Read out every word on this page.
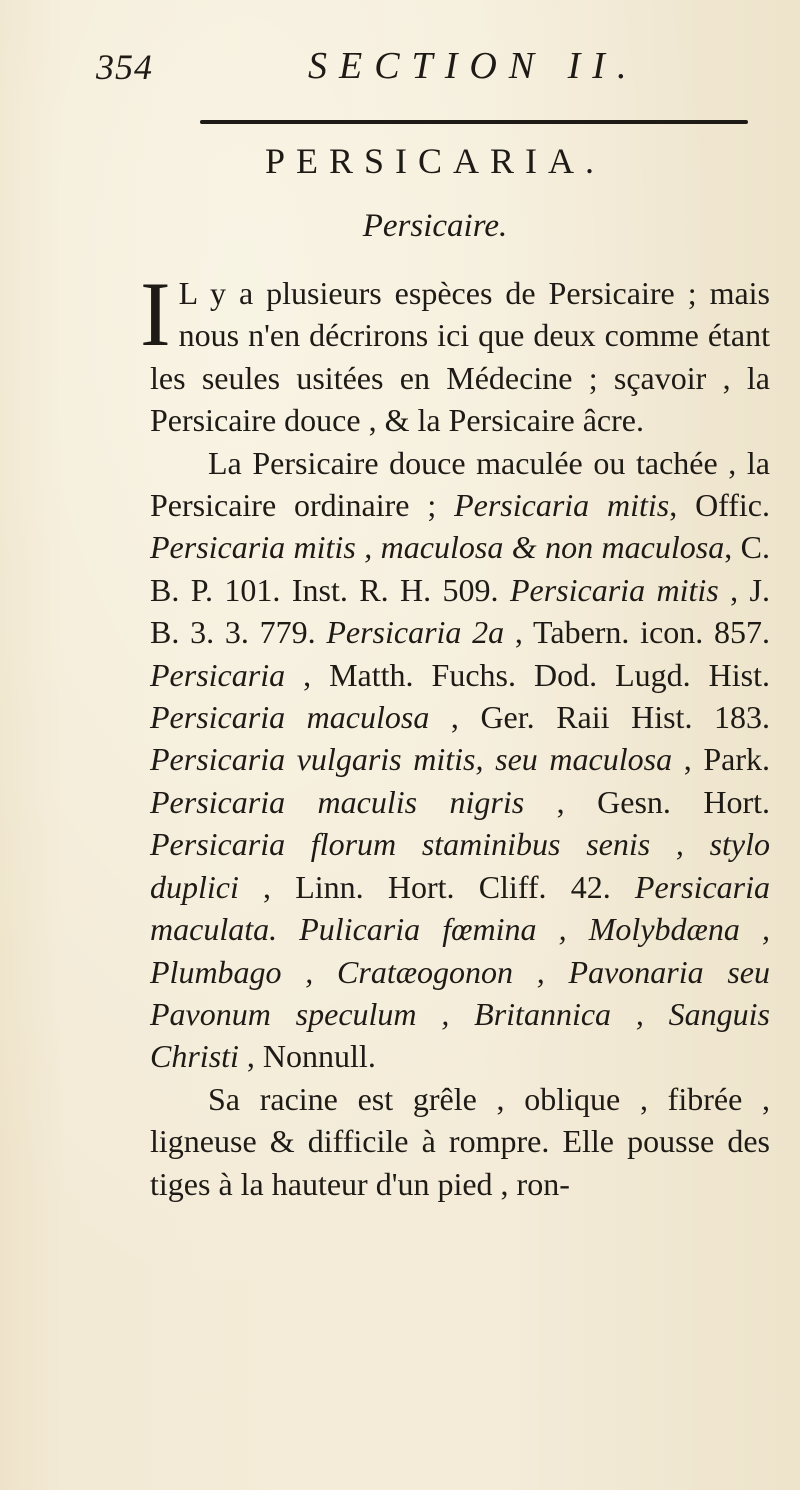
354	SECTION II.
PERSICARIA.
Persicaire.

I L y a plusieurs espèces de Persicaire ; mais nous n'en décrirons ici que deux comme étant les seules usitées en Médecine ; sçavoir , la Persicaire douce , & la Persicaire âcre.

La Persicaire douce maculée ou tachée , la Persicaire ordinaire ; Persicaria mitis, Offic. Persicaria mitis , maculosa & non maculosa, C. B. P. 101. Inst. R. H. 509. Persicaria mitis , J. B. 3. 3. 779. Persicaria 2a , Tabern. icon. 857. Persicaria , Matth. Fuchs. Dod. Lugd. Hist. Persicaria maculosa , Ger. Raii Hist. 183. Persicaria vulgaris mitis, seu maculosa , Park. Persicaria maculis nigris , Gesn. Hort. Persicaria florum staminibus senis , stylo duplici , Linn. Hort. Cliff. 42. Persicaria maculata. Pulicaria fœmina , Molybdæna , Plumbago , Cratæogonon , Pavonaria seu Pavonum speculum , Britannica , Sanguis Christi , Nonnull.

Sa racine est grêle , oblique , fibrée , ligneuse & difficile à rompre. Elle pousse des tiges à la hauteur d'un pied , ron-
